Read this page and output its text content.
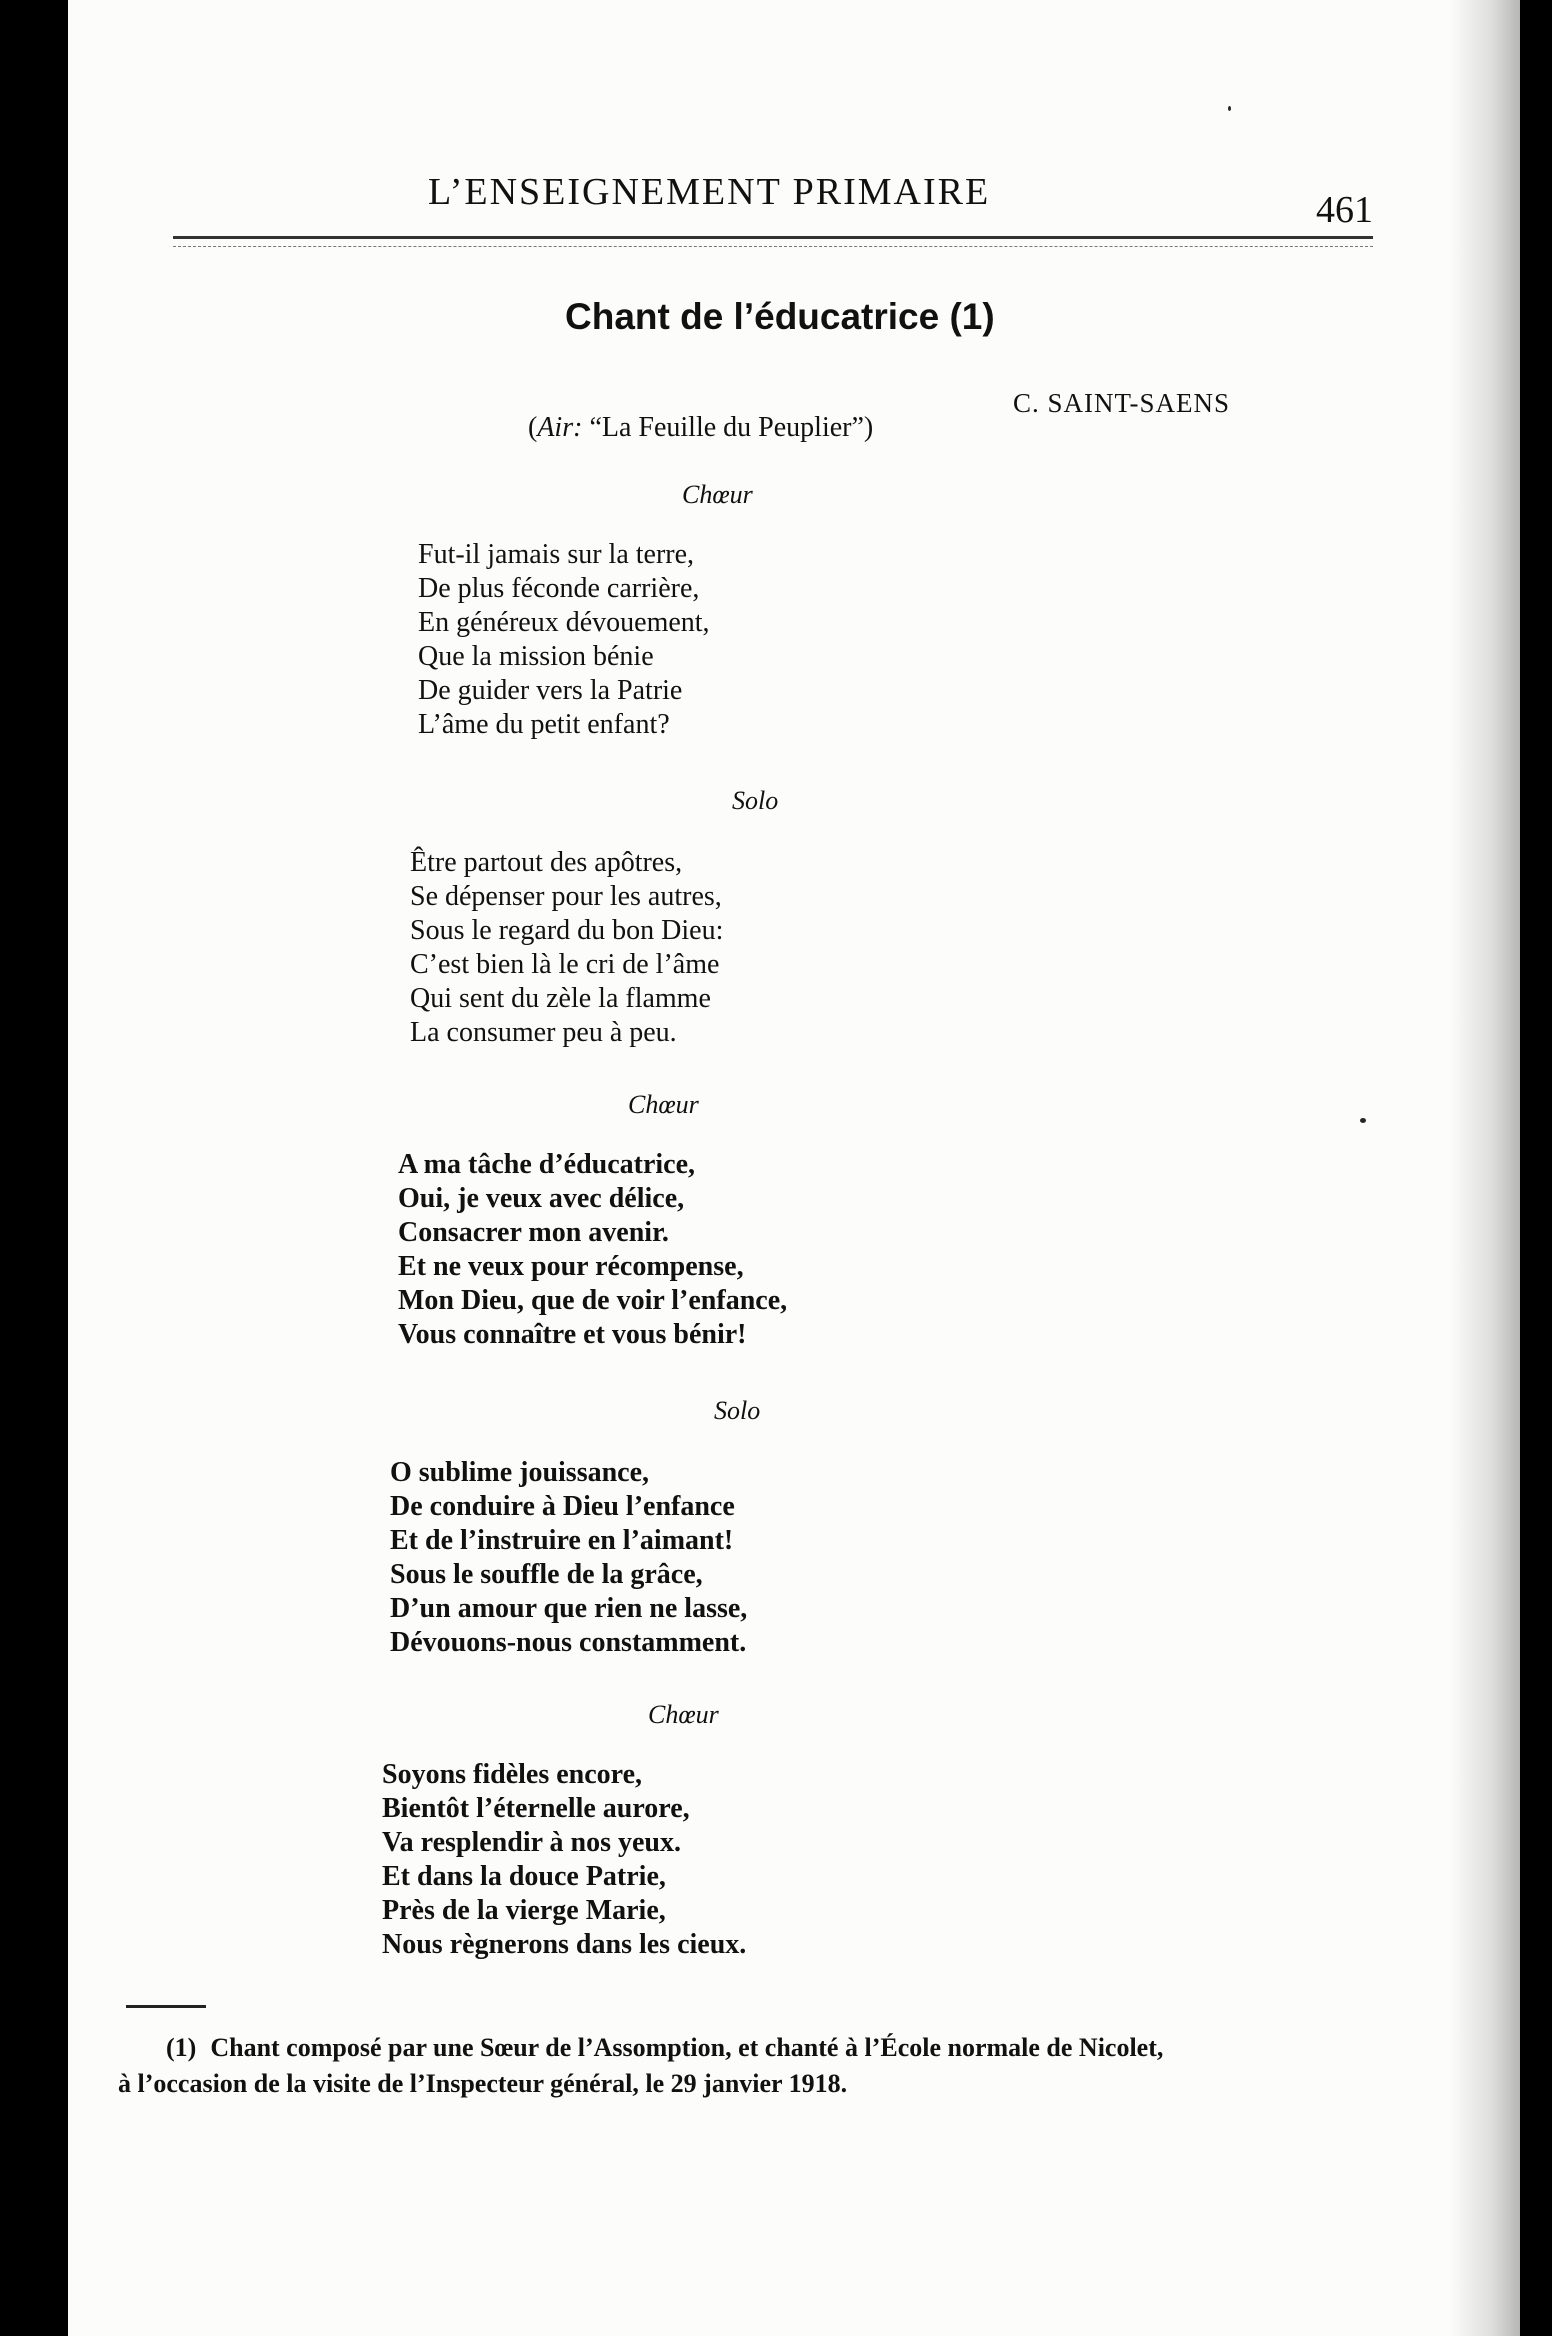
L’ENSEIGNEMENT PRIMAIRE	461
Chant de l’éducatrice (1)
C. SAINT-SAENS
(Air: “La Feuille du Peuplier”)
Chœur
Fut-il jamais sur la terre,
De plus féconde carrière,
En généreux dévouement,
Que la mission bénie
De guider vers la Patrie
L’âme du petit enfant?
Solo
Être partout des apôtres,
Se dépenser pour les autres,
Sous le regard du bon Dieu:
C’est bien là le cri de l’âme
Qui sent du zèle la flamme
La consumer peu à peu.
Chœur
A ma tâche d’éducatrice,
Oui, je veux avec délice,
Consacrer mon avenir.
Et ne veux pour récompense,
Mon Dieu, que de voir l’enfance,
Vous connaître et vous bénir!
Solo
O sublime jouissance,
De conduire à Dieu l’enfance
Et de l’instruire en l’aimant!
Sous le souffle de la grâce,
D’un amour que rien ne lasse,
Dévouons-nous constamment.
Chœur
Soyons fidèles encore,
Bientôt l’éternelle aurore,
Va resplendir à nos yeux.
Et dans la douce Patrie,
Près de la vierge Marie,
Nous règnerons dans les cieux.
(1) Chant composé par une Sœur de l’Assomption, et chanté à l’École normale de Nicolet,
à l’occasion de la visite de l’Inspecteur général, le 29 janvier 1918.
